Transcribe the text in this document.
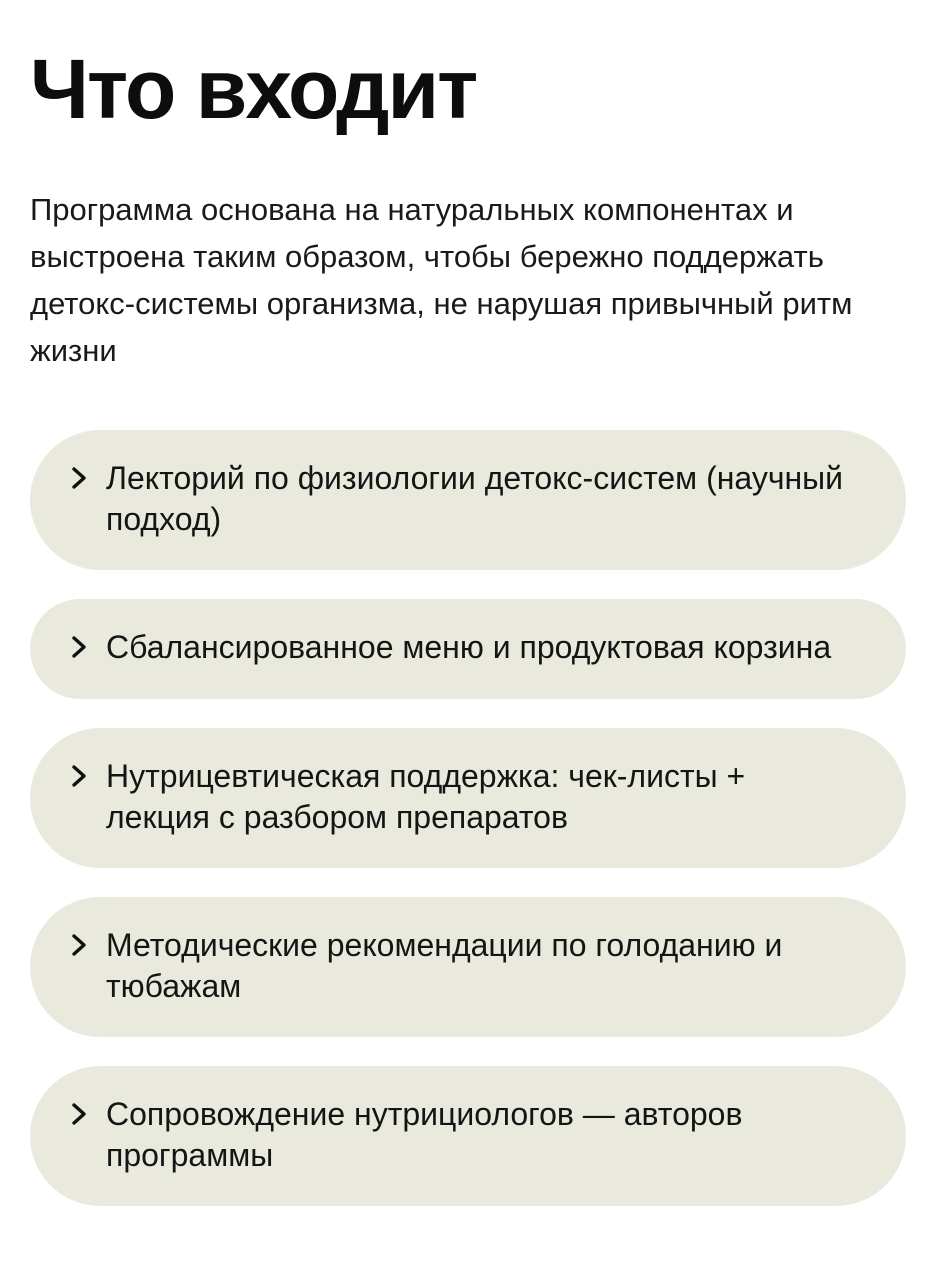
Что входит

Программа основана на натуральных компонентах и выстроена таким образом, чтобы бережно поддержать детокс-системы организма, не нарушая привычный ритм жизни

Лекторий по физиологии детокс-систем (научный подход)

Сбалансированное меню и продуктовая корзина

Нутрицевтическая поддержка: чек-листы + лекция с разбором препаратов

Методические рекомендации по голоданию и тюбажам

Сопровождение нутрициологов — авторов программы
